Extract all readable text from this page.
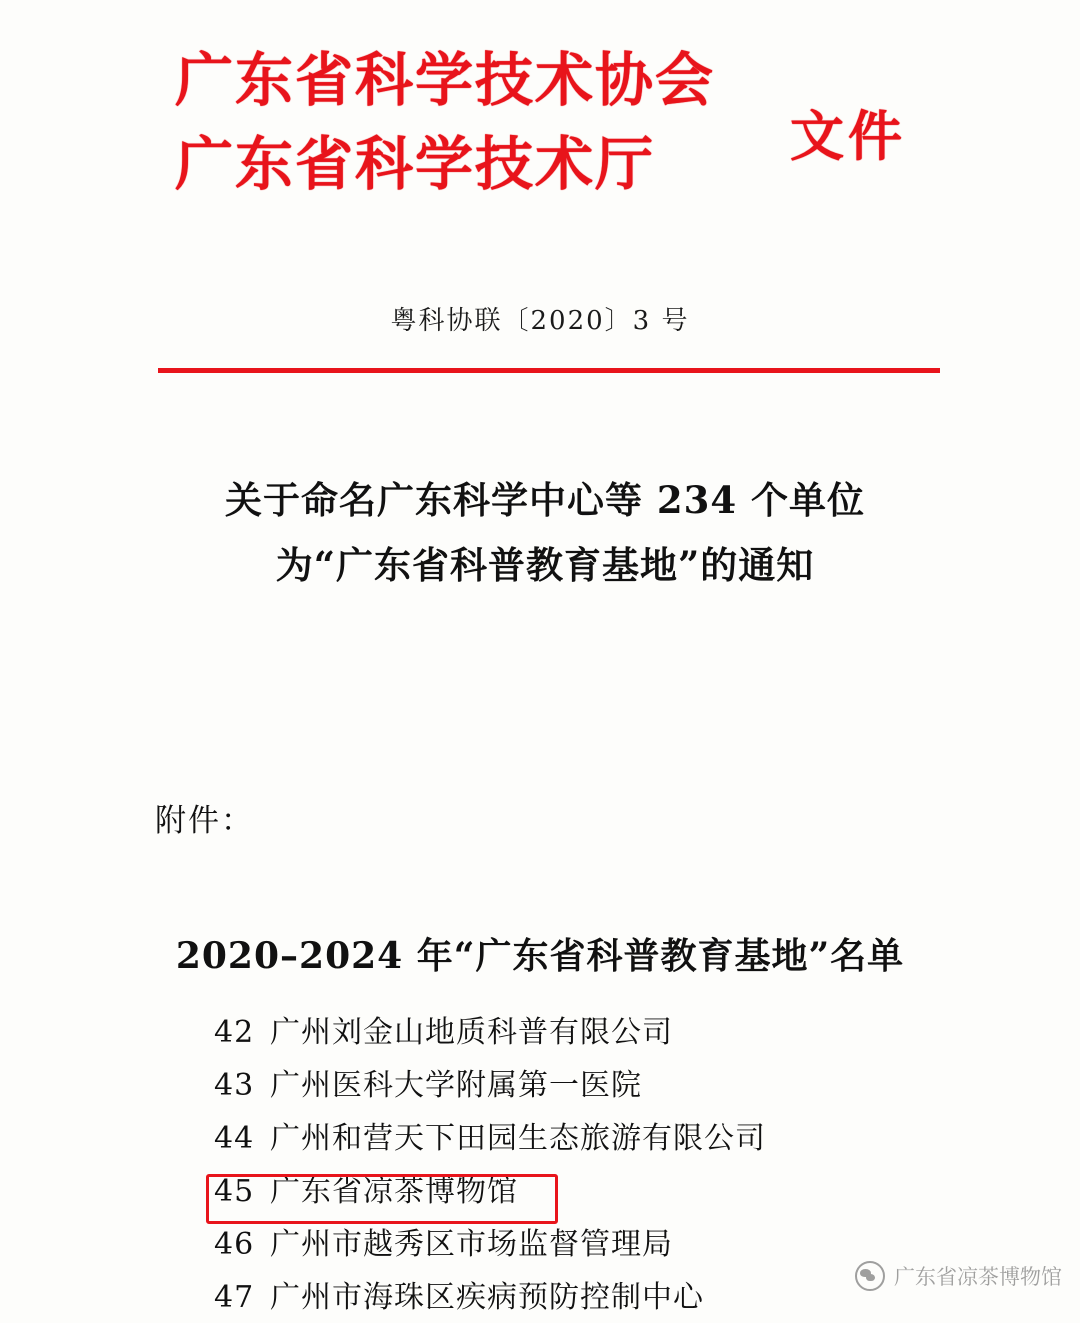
广东省科学技术协会
广东省科学技术厅	文件
粤科协联〔2020〕3 号
关于命名广东科学中心等 234 个单位
为“广东省科普教育基地”的通知
附件：
2020–2024 年“广东省科普教育基地”名单
42 广州刘金山地质科普有限公司
43 广州医科大学附属第一医院
44 广州和营天下田园生态旅游有限公司
45 广东省凉茶博物馆
46 广州市越秀区市场监督管理局
47 广州市海珠区疾病预防控制中心
广东省凉茶博物馆
